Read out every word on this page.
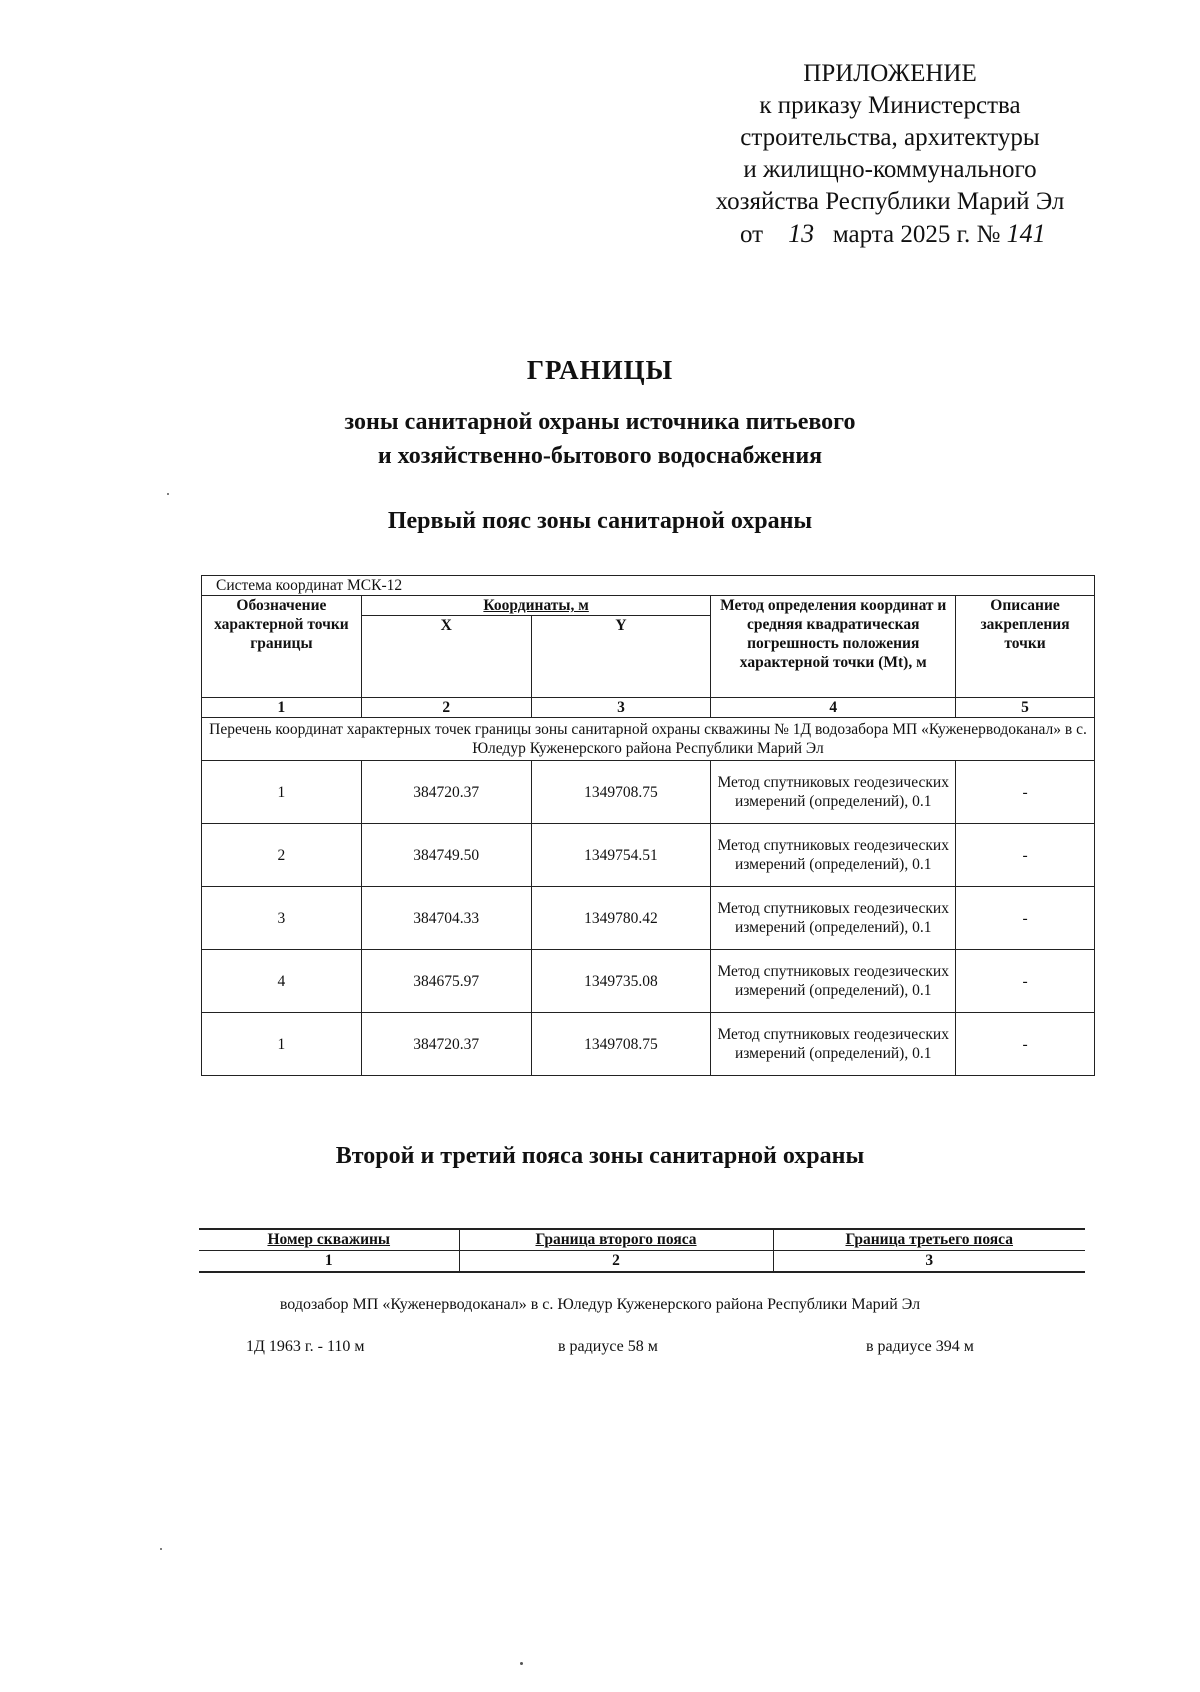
ПРИЛОЖЕНИЕ
к приказу Министерства
строительства, архитектуры
и жилищно-коммунального
хозяйства Республики Марий Эл
от 13 марта 2025 г. № 141
ГРАНИЦЫ
зоны санитарной охраны источника питьевого
и хозяйственно-бытового водоснабжения
Первый пояс зоны санитарной охраны
Система координат МСК-12				
Обозначение характерной точки границы	Координаты, м		Метод определения координат и средняя квадратическая погрешность положения характерной точки (Mt), м	Описание закрепления точки
	X	Y		
1	2	3	4	5
Перечень координат характерных точек границы зоны санитарной охраны скважины № 1Д водозабора МП «Куженерводоканал» в с. Юледур Куженерского района Республики Марий Эл				
1	384720.37	1349708.75	Метод спутниковых геодезических измерений (определений), 0.1	-
2	384749.50	1349754.51	Метод спутниковых геодезических измерений (определений), 0.1	-
3	384704.33	1349780.42	Метод спутниковых геодезических измерений (определений), 0.1	-
4	384675.97	1349735.08	Метод спутниковых геодезических измерений (определений), 0.1	-
1	384720.37	1349708.75	Метод спутниковых геодезических измерений (определений), 0.1	-
Второй и третий пояса зоны санитарной охраны
Номер скважины	Граница второго пояса	Граница третьего пояса
1	2	3
водозабор МП «Куженерводоканал» в с. Юледур Куженерского района Республики Марий Эл
1Д 1963 г. - 110 м	в радиусе 58 м	в радиусе 394 м
